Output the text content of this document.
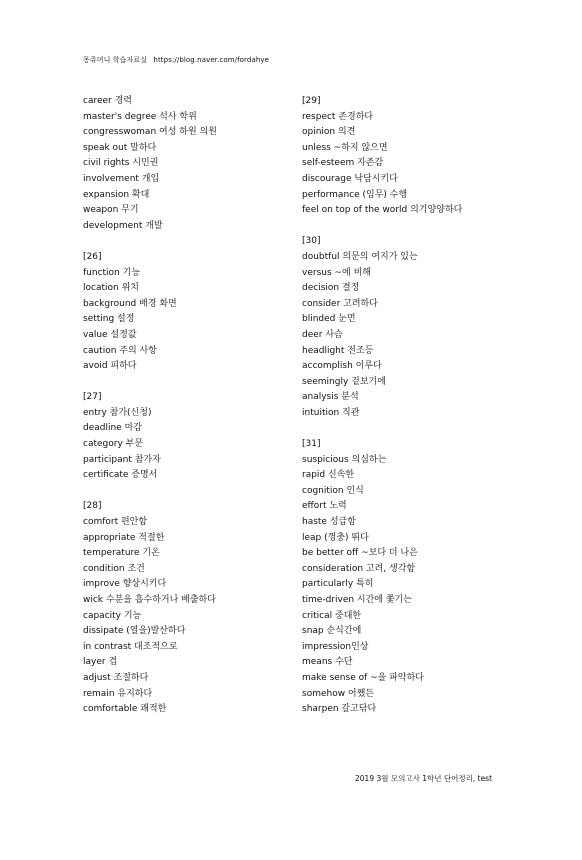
몽쥬머니 학습자료실 https://blog.naver.com/fordahye
career 경력
master's degree 석사 학위
congresswoman 여성 하원 의원
speak out 말하다
civil rights 시민권
involvement 개입
expansion 확대
weapon 무기
development 개발
[26]
function 기능
location 위치
background 배경 화면
setting 설정
value 설정값
caution 주의 사항
avoid 피하다
[27]
entry 참가(신청)
deadline 마감
category 부문
participant 참가자
certificate 증명서
[28]
comfort 편안함
appropriate 적절한
temperature 기온
condition 조건
improve 향상시키다
wick 수분을 흡수하거나 배출하다
capacity 기능
dissipate (열을)발산하다
in contrast 대조적으로
layer 겹
adjust 조절하다
remain 유지하다
comfortable 쾌적한
[29]
respect 존경하다
opinion 의견
unless ~하지 않으면
self-esteem 자존감
discourage 낙담시키다
performance (임무) 수행
feel on top of the world 의기양양하다
[30]
doubtful 의문의 여지가 있는
versus ~에 비해
decision 결정
consider 고려하다
blinded 눈먼
deer 사슴
headlight 전조등
accomplish 이루다
seemingly 겉보기에
analysis 분석
intuition 직관
[31]
suspicious 의심하는
rapid 신속한
cognition 인식
effort 노력
haste 성급함
leap (껑충) 뛰다
be better off ~보다 더 나은
consideration 고려, 생각함
particularly 특히
time-driven 시간에 쫓기는
critical 중대한
snap 순식간에
impression인상
means 수단
make sense of ~을 파악하다
somehow 어쨌든
sharpen 갈고닦다
2019 3월 모의고사 1학년 단어정리, test
